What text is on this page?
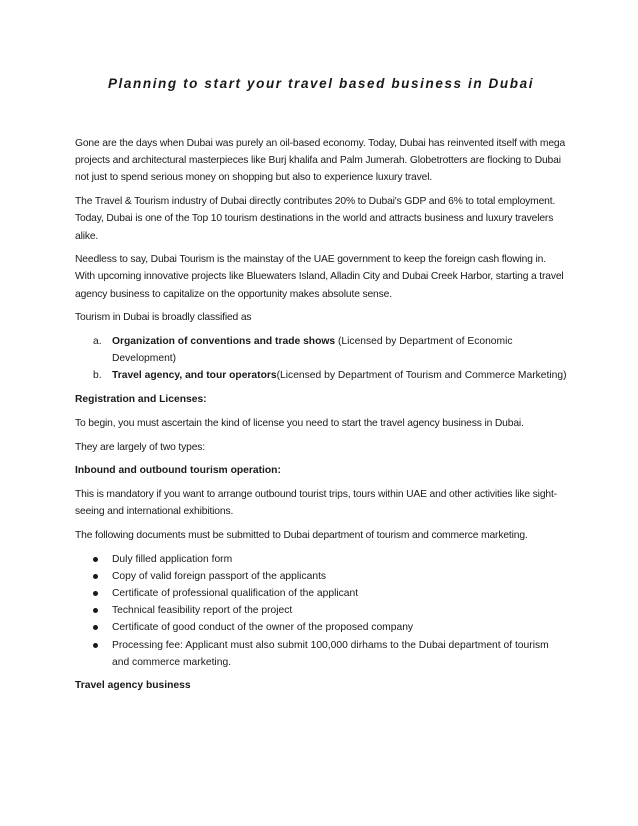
Planning to start your travel based business in Dubai

Gone are the days when Dubai was purely an oil-based economy. Today, Dubai has reinvented itself with mega projects and architectural masterpieces like Burj khalifa and Palm Jumerah. Globetrotters are flocking to Dubai not just to spend serious money on shopping but also to experience luxury travel.

The Travel & Tourism industry of Dubai directly contributes 20% to Dubai's GDP and 6% to total employment. Today, Dubai is one of the Top 10 tourism destinations in the world and attracts business and luxury travelers alike.

Needless to say, Dubai Tourism is the mainstay of the UAE government to keep the foreign cash flowing in. With upcoming innovative projects like Bluewaters Island, Alladin City and Dubai Creek Harbor, starting a travel agency business to capitalize on the opportunity makes absolute sense.

Tourism in Dubai is broadly classified as

a. Organization of conventions and trade shows (Licensed by Department of Economic Development)
b. Travel agency, and tour operators(Licensed by Department of Tourism and Commerce Marketing)

Registration and Licenses:

To begin, you must ascertain the kind of license you need to start the travel agency business in Dubai.

They are largely of two types:

Inbound and outbound tourism operation:

This is mandatory if you want to arrange outbound tourist trips, tours within UAE and other activities like sight-seeing and international exhibitions.

The following documents must be submitted to Dubai department of tourism and commerce marketing.

Duly filled application form
Copy of valid foreign passport of the applicants
Certificate of professional qualification of the applicant
Technical feasibility report of the project
Certificate of good conduct of the owner of the proposed company
Processing fee: Applicant must also submit 100,000 dirhams to the Dubai department of tourism and commerce marketing.

Travel agency business
